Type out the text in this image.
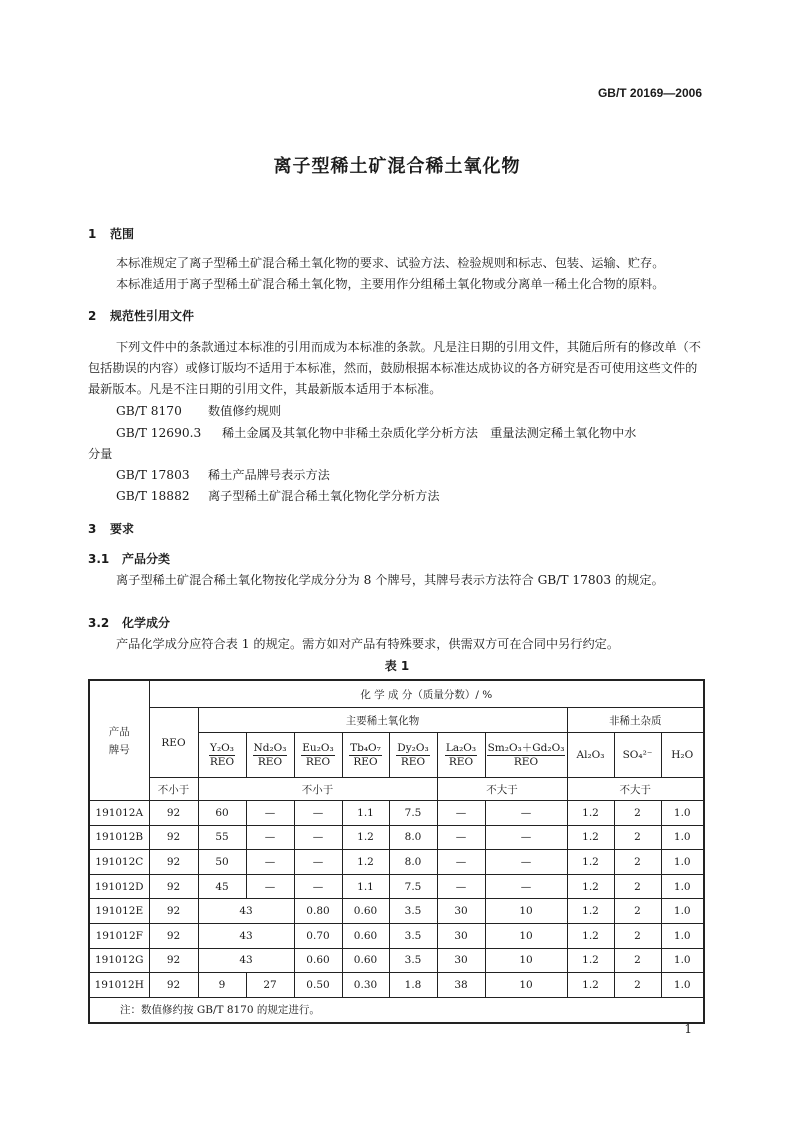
GB/T 20169—2006
离子型稀土矿混合稀土氧化物
1 范围
本标准规定了离子型稀土矿混合稀土氧化物的要求、试验方法、检验规则和标志、包装、运输、贮存。
本标准适用于离子型稀土矿混合稀土氧化物，主要用作分组稀土氧化物或分离单一稀土化合物的原料。
2 规范性引用文件
下列文件中的条款通过本标准的引用而成为本标准的条款。凡是注日期的引用文件，其随后所有的修改单（不包括勘误的内容）或修订版均不适用于本标准，然而，鼓励根据本标准达成协议的各方研究是否可使用这些文件的最新版本。凡是不注日期的引用文件，其最新版本适用于本标准。
GB/T 8170 数值修约规则
GB/T 12690.3 稀土金属及其氧化物中非稀土杂质化学分析方法　重量法测定稀土氧化物中水
分量
GB/T 17803 稀土产品牌号表示方法
GB/T 18882 离子型稀土矿混合稀土氧化物化学分析方法
3 要求
3.1 产品分类
离子型稀土矿混合稀土氧化物按化学成分分为 8 个牌号，其牌号表示方法符合 GB/T 17803 的规定。
3.2 化学成分
产品化学成分应符合表 1 的规定。需方如对产品有特殊要求，供需双方可在合同中另行约定。
表 1
产品
牌号	化 学 成 分（质量分数）/ %										
	REO	主要稀土氧化物							非稀土杂质		

		$\frac{\text{Y₂O₃}}{\text{REO}}$	$\frac{\text{Nd₂O₃}}{\text{REO}}$	$\frac{\text{Eu₂O₃}}{\text{REO}}$	$\frac{\text{Tb₄O₇}}{\text{REO}}$	$\frac{\text{Dy₂O₃}}{\text{REO}}$	$\frac{\text{La₂O₃}}{\text{REO}}$	$\frac{\text{Sm₂O₃＋Gd₂O₃}}{\text{REO}}$	Al₂O₃	SO₄²⁻	H₂O
	不小于	不小于					不大于		不大于		
191012A	92	60	—	—	1.1	7.5	—	—	1.2	2	1.0
191012B	92	55	—	—	1.2	8.0	—	—	1.2	2	1.0
191012C	92	50	—	—	1.2	8.0	—	—	1.2	2	1.0
191012D	92	45	—	—	1.1	7.5	—	—	1.2	2	1.0
191012E	92	43		0.80	0.60	3.5	30	10	1.2	2	1.0
191012F	92	43		0.70	0.60	3.5	30	10	1.2	2	1.0
191012G	92	43		0.60	0.60	3.5	30	10	1.2	2	1.0
191012H	92	9	27	0.50	0.30	1.8	38	10	1.2	2	1.0
注：数值修约按 GB/T 8170 的规定进行。											
1
